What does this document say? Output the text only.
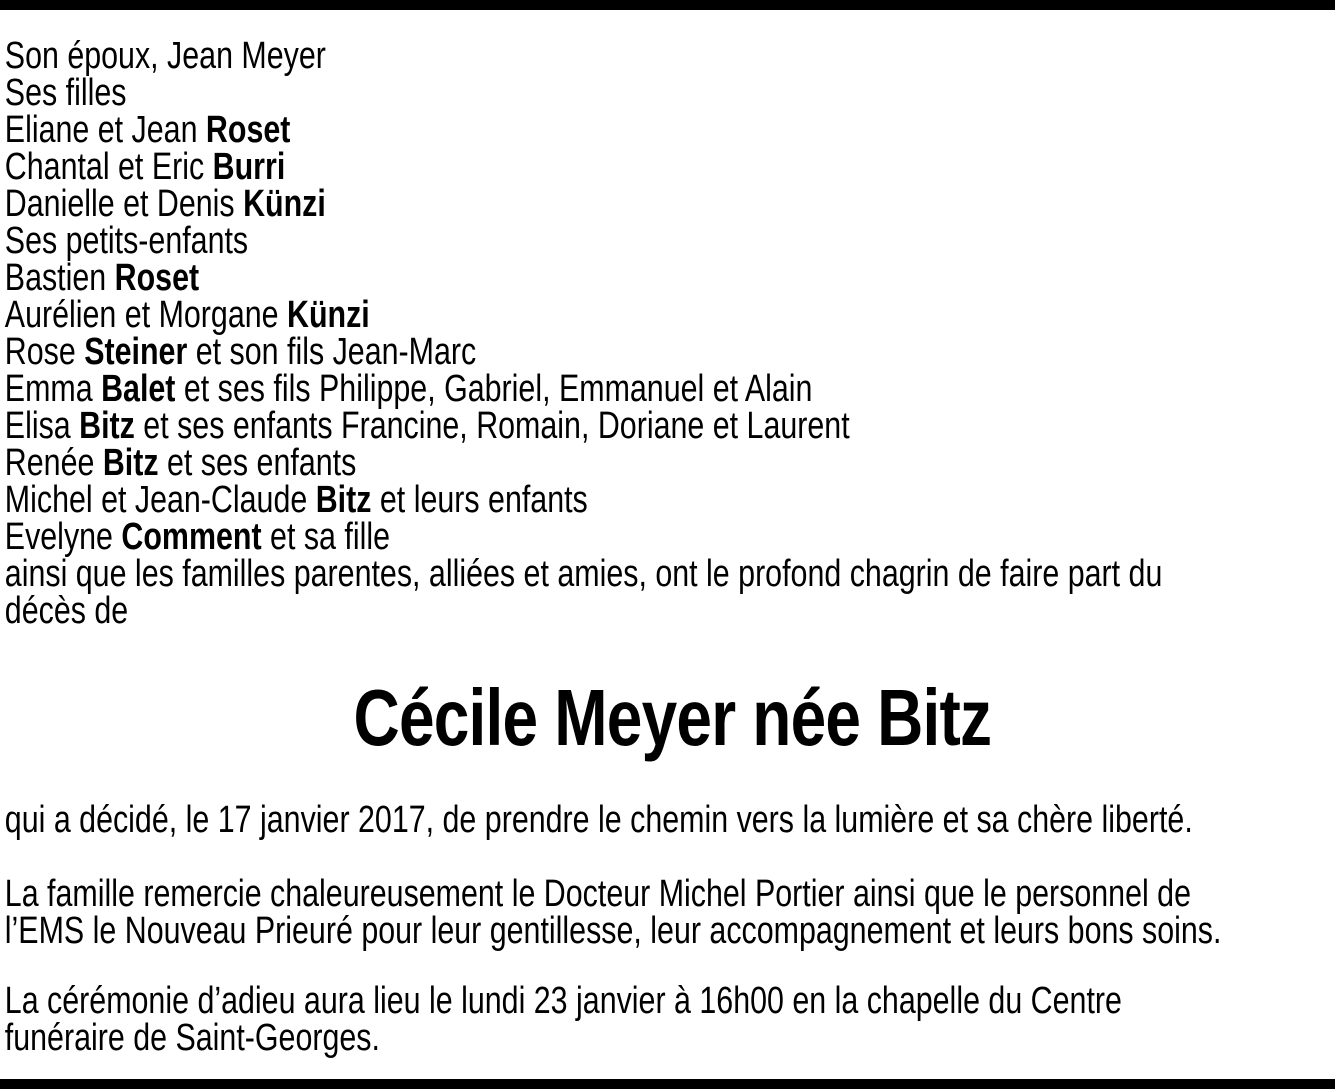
Son époux, Jean Meyer
Ses filles
Eliane et Jean Roset
Chantal et Eric Burri
Danielle et Denis Künzi
Ses petits-enfants
Bastien Roset
Aurélien et Morgane Künzi
Rose Steiner et son fils Jean-Marc
Emma Balet et ses fils Philippe, Gabriel, Emmanuel et Alain
Elisa Bitz et ses enfants Francine, Romain, Doriane et Laurent
Renée Bitz et ses enfants
Michel et Jean-Claude Bitz et leurs enfants
Evelyne Comment et sa fille
ainsi que les familles parentes, alliées et amies, ont le profond chagrin de faire part du
décès de
Cécile Meyer née Bitz
qui a décidé, le 17 janvier 2017, de prendre le chemin vers la lumière et sa chère liberté.
La famille remercie chaleureusement le Docteur Michel Portier ainsi que le personnel de
l’EMS le Nouveau Prieuré pour leur gentillesse, leur accompagnement et leurs bons soins.
La cérémonie d’adieu aura lieu le lundi 23 janvier à 16h00 en la chapelle du Centre
funéraire de Saint-Georges.
